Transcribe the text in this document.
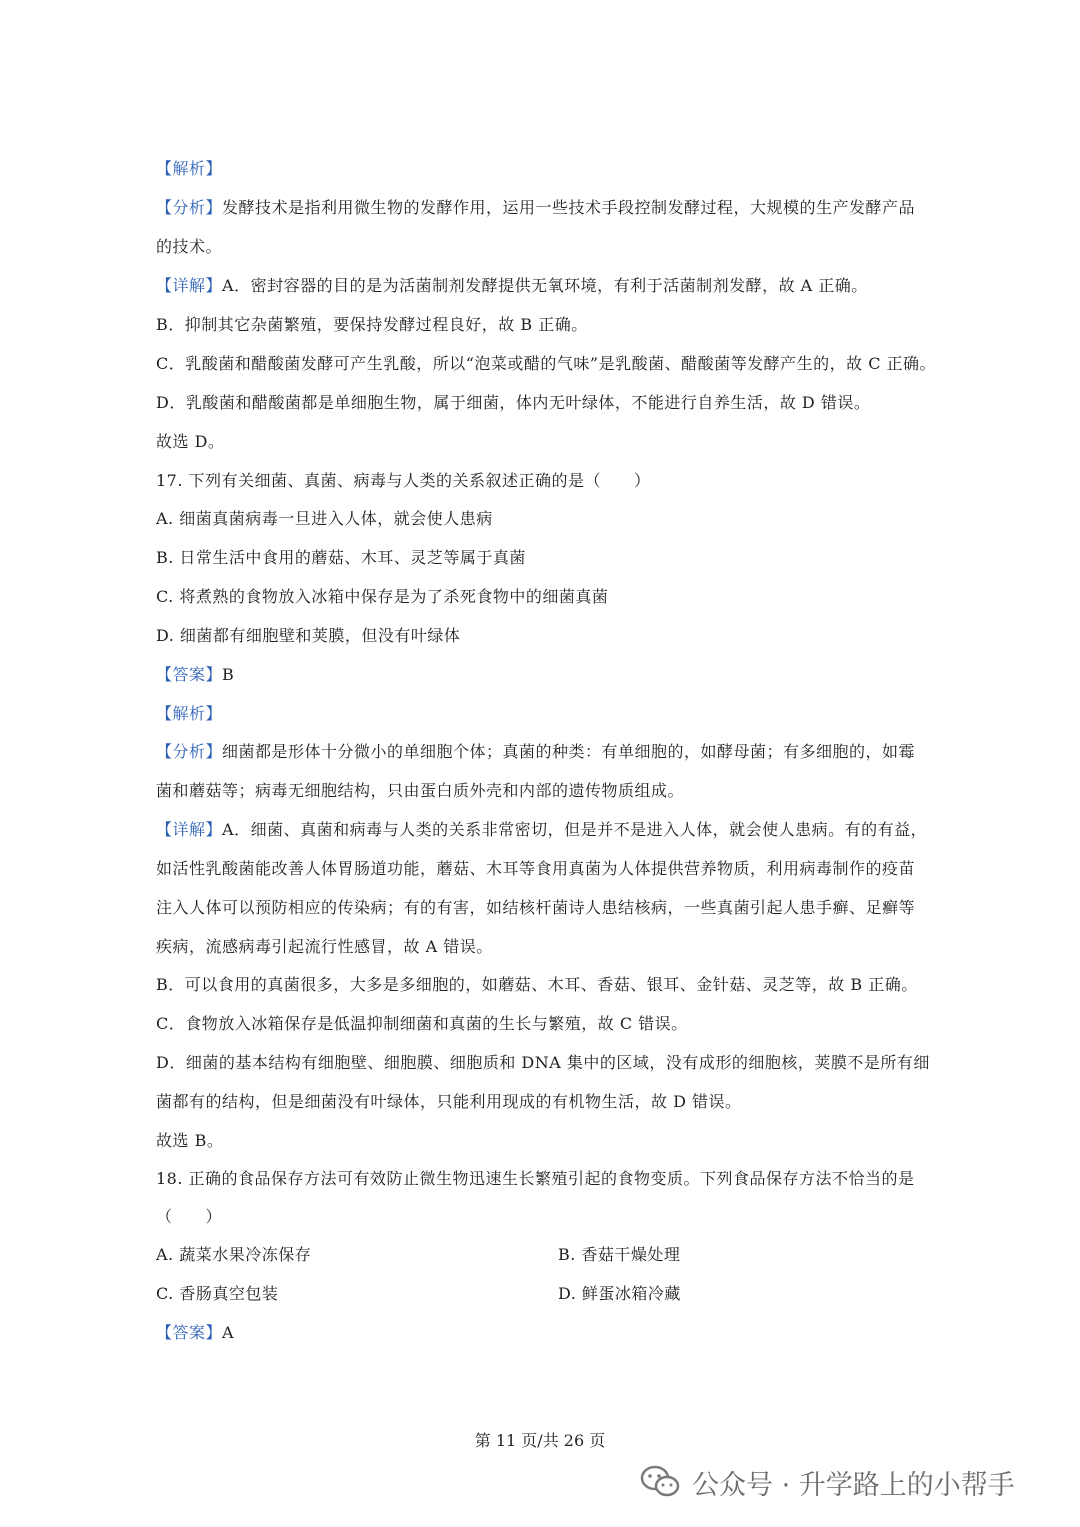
【解析】
【分析】发酵技术是指利用微生物的发酵作用，运用一些技术手段控制发酵过程，大规模的生产发酵产品
的技术。
【详解】A．密封容器的目的是为活菌制剂发酵提供无氧环境，有利于活菌制剂发酵，故 A 正确。
B．抑制其它杂菌繁殖，要保持发酵过程良好，故 B 正确。
C．乳酸菌和醋酸菌发酵可产生乳酸，所以“泡菜或醋的气味”是乳酸菌、醋酸菌等发酵产生的，故 C 正确。
D．乳酸菌和醋酸菌都是单细胞生物，属于细菌，体内无叶绿体，不能进行自养生活，故 D 错误。
故选 D。
17. 下列有关细菌、真菌、病毒与人类的关系叙述正确的是（　　）
A. 细菌真菌病毒一旦进入人体，就会使人患病
B. 日常生活中食用的蘑菇、木耳、灵芝等属于真菌
C. 将煮熟的食物放入冰箱中保存是为了杀死食物中的细菌真菌
D. 细菌都有细胞壁和荚膜，但没有叶绿体
【答案】B
【解析】
【分析】细菌都是形体十分微小的单细胞个体；真菌的种类：有单细胞的，如酵母菌；有多细胞的，如霉
菌和蘑菇等；病毒无细胞结构，只由蛋白质外壳和内部的遗传物质组成。
【详解】A．细菌、真菌和病毒与人类的关系非常密切，但是并不是进入人体，就会使人患病。有的有益，
如活性乳酸菌能改善人体胃肠道功能，蘑菇、木耳等食用真菌为人体提供营养物质，利用病毒制作的疫苗
注入人体可以预防相应的传染病；有的有害，如结核杆菌诗人患结核病，一些真菌引起人患手癣、足癣等
疾病，流感病毒引起流行性感冒，故 A 错误。
B．可以食用的真菌很多，大多是多细胞的，如蘑菇、木耳、香菇、银耳、金针菇、灵芝等，故 B 正确。
C．食物放入冰箱保存是低温抑制细菌和真菌的生长与繁殖，故 C 错误。
D．细菌的基本结构有细胞壁、细胞膜、细胞质和 DNA 集中的区域，没有成形的细胞核，荚膜不是所有细
菌都有的结构，但是细菌没有叶绿体，只能利用现成的有机物生活，故 D 错误。
故选 B。
18. 正确的食品保存方法可有效防止微生物迅速生长繁殖引起的食物变质。下列食品保存方法不恰当的是
（　　）
A. 蔬菜水果冷冻保存	B. 香菇干燥处理
C. 香肠真空包装	D. 鲜蛋冰箱冷藏
【答案】A
第 11 页/共 26 页
公众号 · 升学路上的小帮手
